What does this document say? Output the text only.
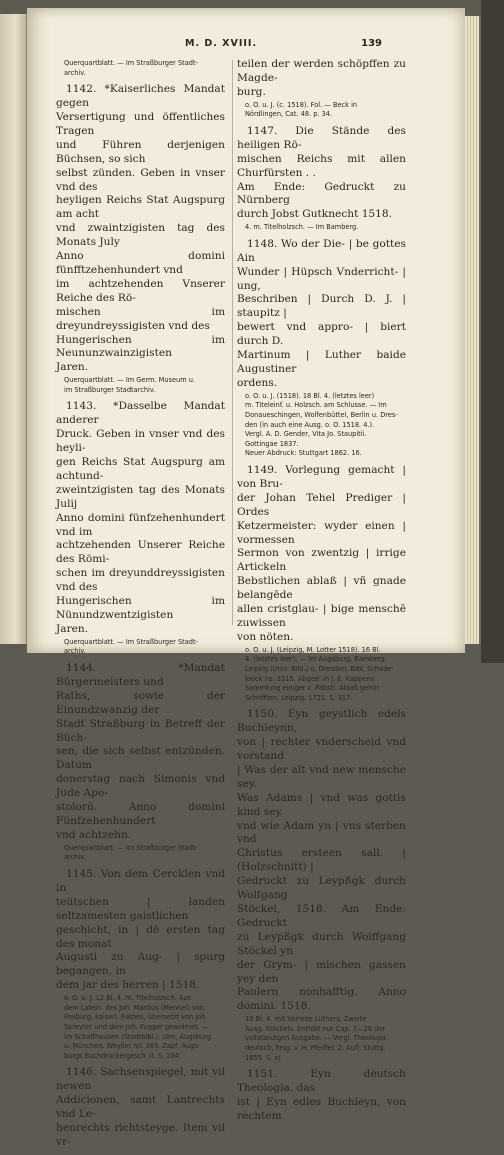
M. D. XVIII.	139

Querquartblatt. — Im Straßburger Stadt-
archiv.

1142. *Kaiserliches Mandat gegen
Versertigung und öffentliches Tragen
und Führen derjenigen Büchsen, so sich
selbst zünden. Geben in vnser vnd des
heyligen Reichs Stat Augspurg am acht
vnd zwaintzigisten tag des Monats July
Anno domini fünfftzehenhundert vnd
im achtzehenden Vnserer Reiche des Rö-
mischen im dreyundreyssigisten vnd des
Hungerischen im Neununzwainzigisten
Jaren.

Querquartblatt. — Im Germ. Museum u.
im Straßburger Stadtarchiv.

1143. *Dasselbe Mandat anderer
Druck. Geben in vnser vnd des heyli-
gen Reichs Stat Augspurg am achtund-
zweintzigisten tag des Monats Julij
Anno domini fünfzehenhundert vnd im
achtzehenden Unserer Reiche des Römi-
schen im dreyunddreyssigisten vnd des
Hungerischen im Nünundzwentzigisten
Jaren.

Querquartblatt. — Im Straßburger Stadt-
archiv.

1144. *Mandat Bürgermeisters und
Raths, sowie der Einundzwanzig der
Stadt Straßburg in Betreff der Büch-
sen, die sich selbst entzünden. Datum
donerstag nach Simonis vnd Jude Apo-
stolorū. Anno domini Fünfzehenhundert
vnd achtzehn.

Querquartblatt. — Im Straßburger Stadt-
archiv.

1145. Von dem Cercklen vnd in
teütschen | landen seltzamesten gaistlichen
geschicht, in | dē ersten tag des monat
Augusti zu Aug- | spurg begangen, in
dem jar des herren | 1518.

o. O. u. J. 12 Bl. 4. m. Titelholzsch. Aus
dem Latein. des Joh. Manlius (Mennel) von
Freiburg, kaiserl. Rathes, übersetzt von Joh.
Spreyter und dem Joh. Fugger gewidmet. —
Im Schaffhausen (Stadtbibl.), Ulm, Augsburg
u. München. Weyller no. 369. Zapf, Augs-
burgs Buchdruckergesch. II. S. 204.

1146. Sachsenspiegel, mit vil newen
Addicionen, samt Lantrechts vnd Le-
henrechts richtsteyge. Item vil vr-

teilen der werden schöpffen zu Magde-
burg.

o. O. u. J. (c. 1518). Fol. — Beck in
Nördlingen, Cat. 48. p. 34.

1147. Die Stände des heiligen Rö-
mischen Reichs mit allen Churfürsten . .
Am Ende: Gedruckt zu Nürnberg
durch Jobst Gutknecht 1518.

4. m. Titelholzsch. — Im Bamberg.

1148. Wo der Die- | be gottes Ain
Wunder | Hüpsch Vnderricht- | ung,
Beschriben | Durch D. J. | staupitz |
bewert vnd appro- | biert durch D.
Martinum | Luther baide Augustiner
ordens.

o. O. u. J. (1518). 18 Bl. 4. (letztes leer)
m. Titeleinf. u. Holzsch. am Schlusse. — Im
Donaueschingen, Wolfenbüttel, Berlin u. Dres-
den (in auch eine Ausg. o. O. 1518. 4.).
Vergl. A. D. Gender, Vita Jo. Staupitii.
Gottingae 1837.
Neuer Abdruck: Stuttgart 1862. 16.

1149. Vorlegung gemacht | von Bru-
der Johan Tehel Prediger | Ordes
Ketzermeister: wyder einen | vormessen
Sermon von zwentzig | irrige Artickeln
Bebstlichen ablaß | vñ gnade belangēde
allen cristglau- | bige menschē zuwissen
von nöten.

o. O. u. J. (Leipzig, M. Lotter 1518). 16 Bl.
4. (letztes leer). — Im Augsburg, Bamberg,
Leipzig (Univ.-Bibl.) u. Dresden. Bibl. Schade-
loock no. 3315. Abged. in J. E. Kappens
Sammlung einiger z. Päbstl. Ablaß gehör.
Schrifften. Leipzig. 1721. S. 317.

1150. Eyn geystlich edels Buchleynn,
von | rechter vnderscheid vnd vorstand
| Was der alt vnd new mensche sey.
Was Adams | vnd was gottis kind sey.
vnd wie Adam yn | vns sterben vnd
Christus ersteen sall. | (Holzschnitt) |
Gedruckt zu Leypßgk durch Wolfgang
Stöckel, 1518. Am Ende: Gedruckt
zu Leypßgk durch Wolffgang Stöckel yn
der Grym- | mischen gassen yey den
Paulern nonhafftig. Anno domini. 1518.

10 Bl. 4. mit Vorrede Luthers, Zweite
Ausg. Stöckels. Enthält nur Cap. 7—26 der
vollständigen Ausgabe. — Vergl. Theologia
deutsch, hrsg. v. H. Pfeiffer. 2. Aufl. Stuttg.
1855. S. xj.

1151. Eyn deutsch Theologia. das
ist | Eyn edles Buchleyn, von rechtem
